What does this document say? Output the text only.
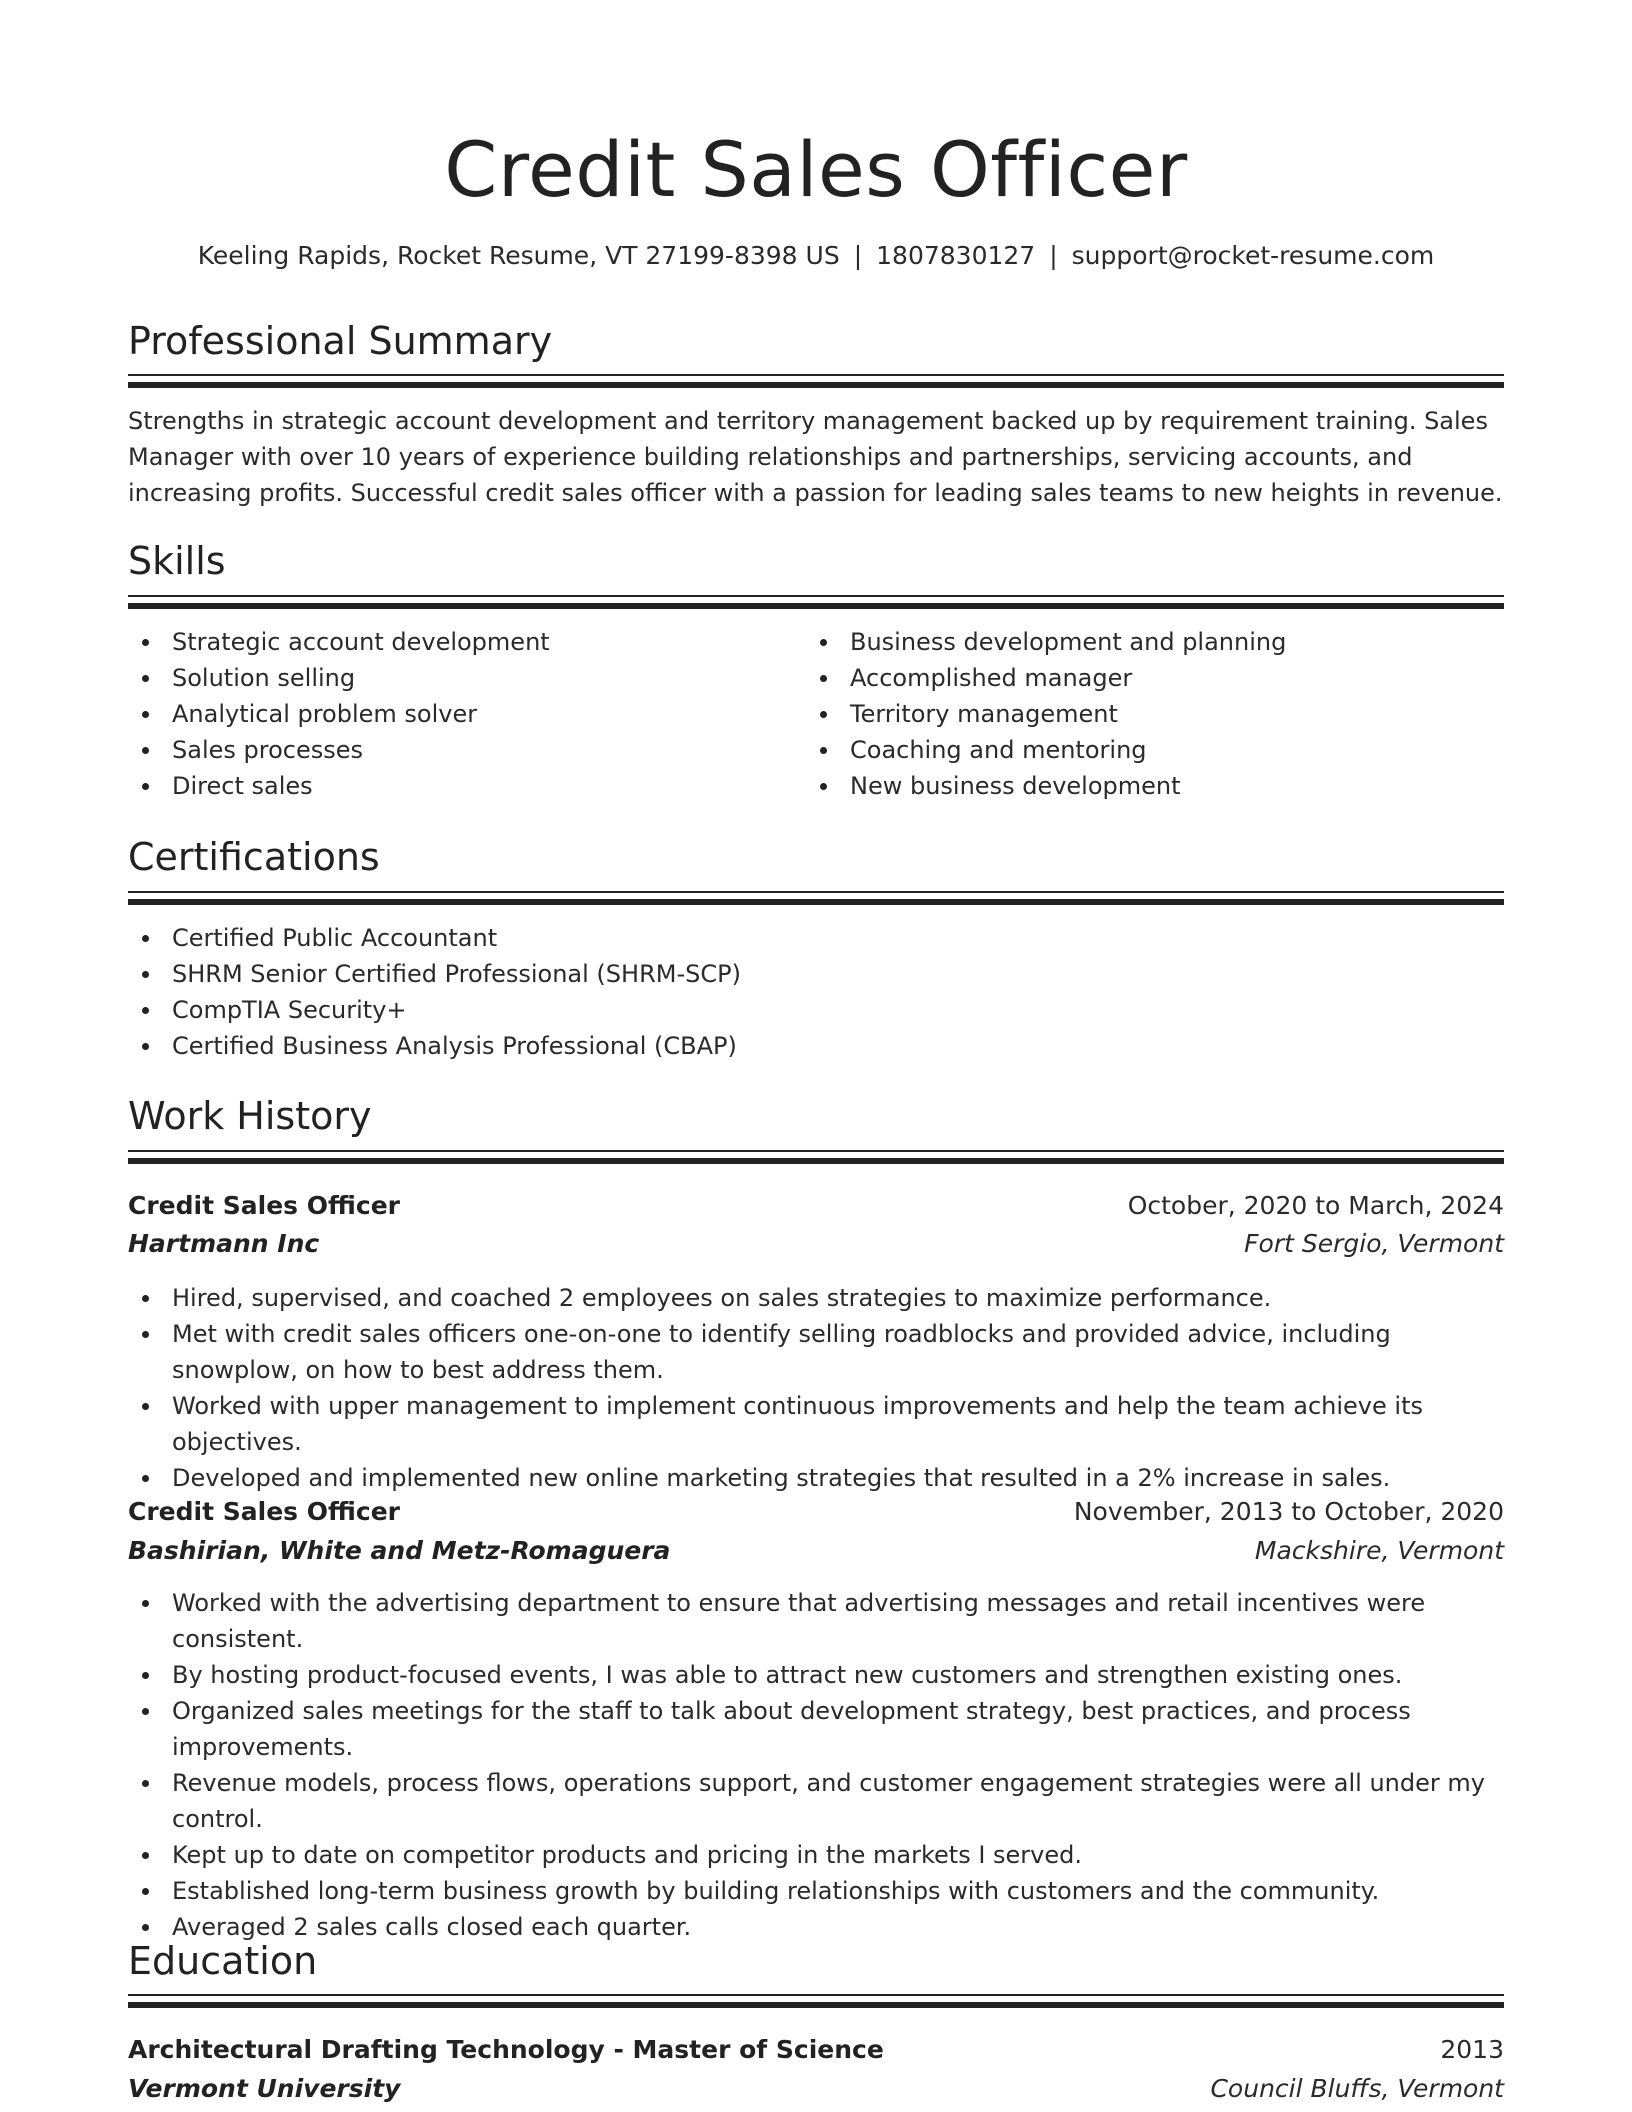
Credit Sales Officer
Keeling Rapids, Rocket Resume, VT 27199-8398 US | 1807830127 | support@rocket-resume.com
Professional Summary

Strengths in strategic account development and territory management backed up by requirement training. Sales Manager with over 10 years of experience building relationships and partnerships, servicing accounts, and increasing profits. Successful credit sales officer with a passion for leading sales teams to new heights in revenue.

Skills
Strategic account development
Solution selling
Analytical problem solver
Sales processes
Direct sales
Business development and planning
Accomplished manager
Territory management
Coaching and mentoring
New business development
Certifications
Certified Public Accountant
SHRM Senior Certified Professional (SHRM-SCP)
CompTIA Security+
Certified Business Analysis Professional (CBAP)
Work History
Credit Sales Officer	October, 2020 to March, 2024
Hartmann Inc	Fort Sergio, Vermont
Hired, supervised, and coached 2 employees on sales strategies to maximize performance.
Met with credit sales officers one-on-one to identify selling roadblocks and provided advice, including snowplow, on how to best address them.
Worked with upper management to implement continuous improvements and help the team achieve its objectives.
Developed and implemented new online marketing strategies that resulted in a 2% increase in sales.
Credit Sales Officer	November, 2013 to October, 2020
Bashirian, White and Metz-Romaguera	Mackshire, Vermont
Worked with the advertising department to ensure that advertising messages and retail incentives were consistent.
By hosting product-focused events, I was able to attract new customers and strengthen existing ones.
Organized sales meetings for the staff to talk about development strategy, best practices, and process improvements.
Revenue models, process flows, operations support, and customer engagement strategies were all under my control.
Kept up to date on competitor products and pricing in the markets I served.
Established long-term business growth by building relationships with customers and the community.
Averaged 2 sales calls closed each quarter.
Education
Architectural Drafting Technology - Master of Science	2013
Vermont University	Council Bluffs, Vermont
